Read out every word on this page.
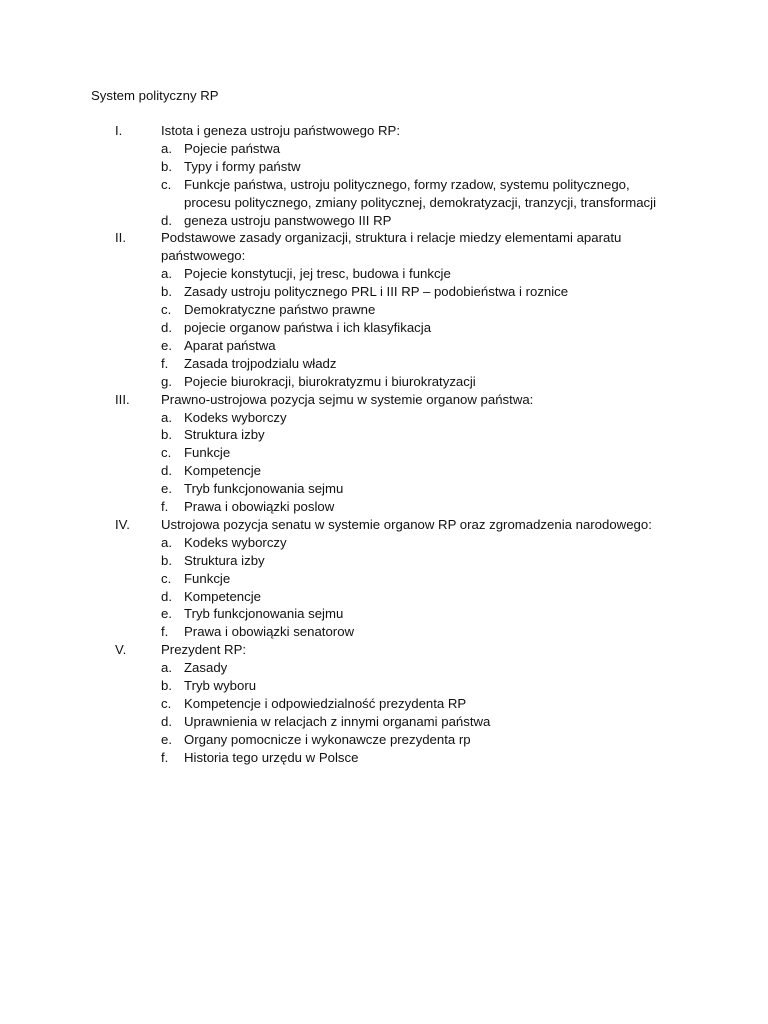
System polityczny RP
I.	Istota i geneza ustroju państwowego RP:
a. Pojecie państwa
b. Typy i formy państw
c. Funkcje państwa, ustroju politycznego, formy rzadow, systemu politycznego, procesu politycznego, zmiany politycznej, demokratyzacji, tranzycji, transformacji
d. geneza ustroju panstwowego III RP
II.	Podstawowe zasady organizacji, struktura i relacje miedzy elementami aparatu państwowego:
a. Pojecie konstytucji, jej tresc, budowa i funkcje
b. Zasady ustroju politycznego PRL i III RP – podobieństwa i roznice
c. Demokratyczne państwo prawne
d. pojecie organow państwa i ich klasyfikacja
e. Aparat państwa
f. Zasada trojpodzialu władz
g. Pojecie biurokracji, biurokratyzmu i biurokratyzacji
III. Prawno-ustrojowa pozycja sejmu w systemie organow państwa:
a. Kodeks wyborczy
b. Struktura izby
c. Funkcje
d. Kompetencje
e. Tryb funkcjonowania sejmu
f. Prawa i obowiązki poslow
IV. Ustrojowa pozycja senatu w systemie organow RP oraz zgromadzenia narodowego:
a. Kodeks wyborczy
b. Struktura izby
c. Funkcje
d. Kompetencje
e. Tryb funkcjonowania sejmu
f. Prawa i obowiązki senatorow
V.	Prezydent RP:
a. Zasady
b. Tryb wyboru
c. Kompetencje i odpowiedzialność prezydenta RP
d. Uprawnienia w relacjach z innymi organami państwa
e. Organy pomocnicze i wykonawcze prezydenta rp
f. Historia tego urzędu w Polsce
